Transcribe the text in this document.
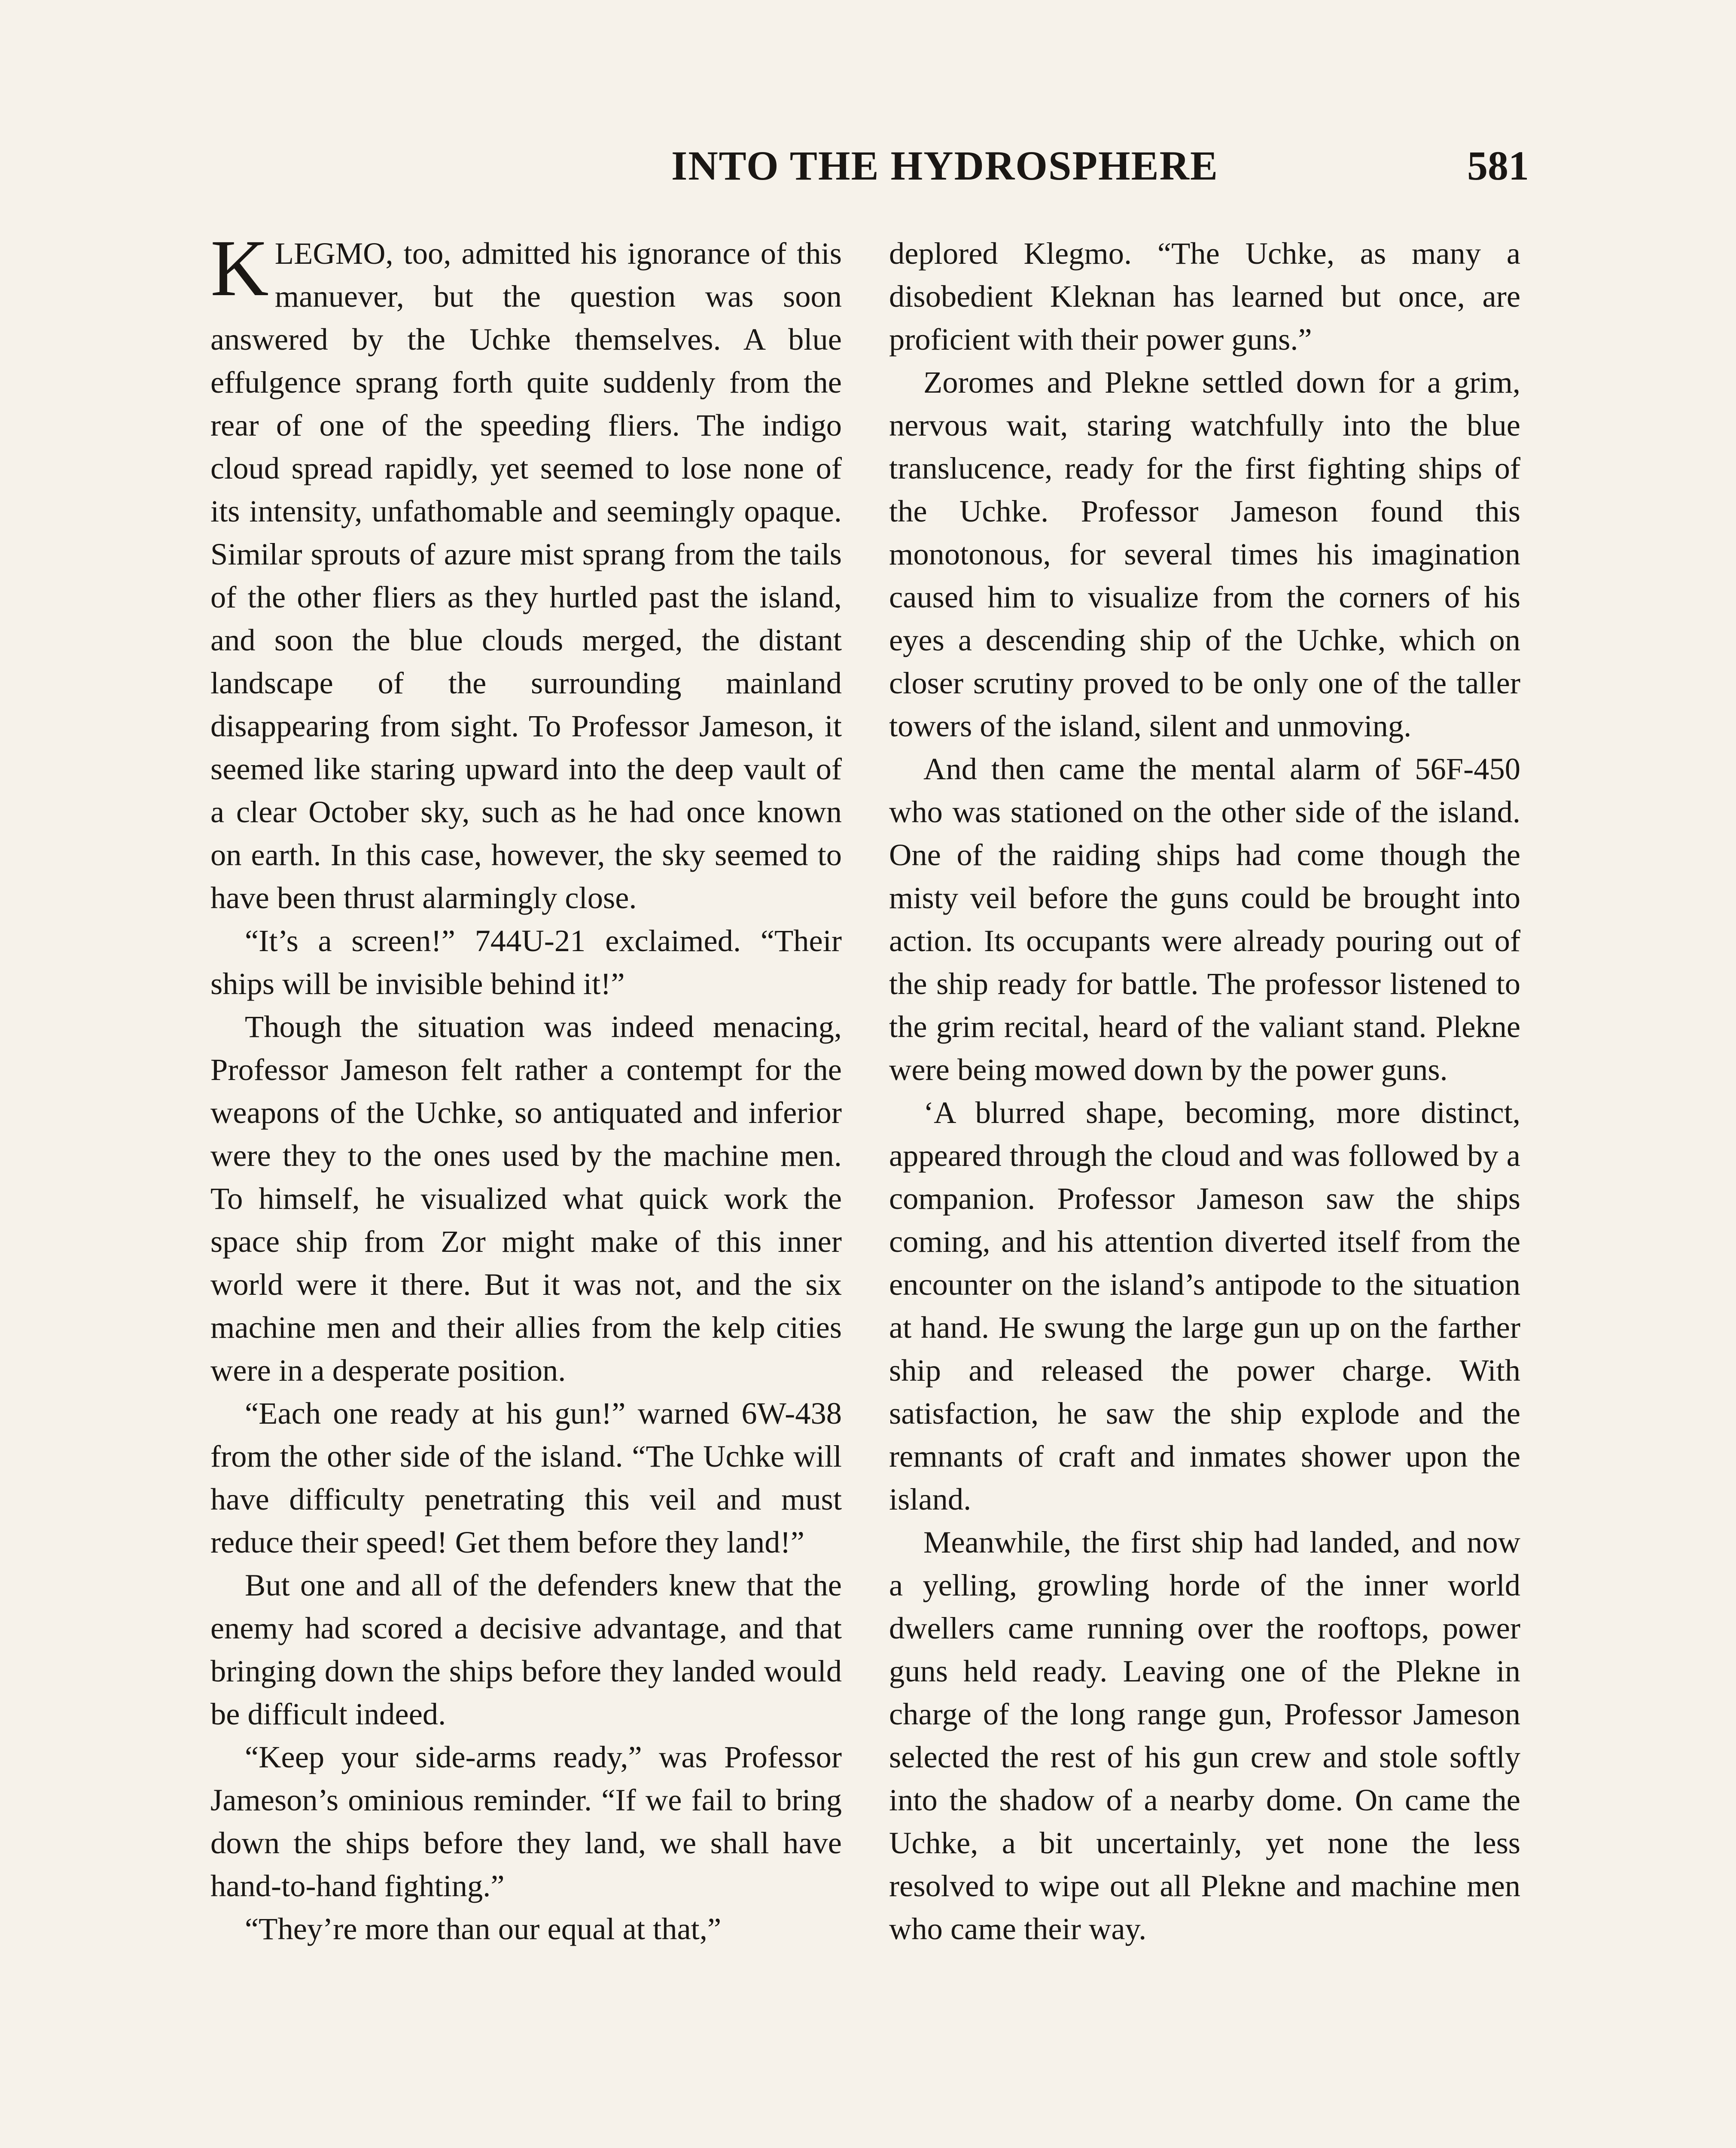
INTO THE HYDROSPHERE	581

KLEGMO, too, admitted his ignorance of this manuever, but the question was soon answered by the Uchke themselves. A blue effulgence sprang forth quite suddenly from the rear of one of the speeding fliers. The indigo cloud spread rapidly, yet seemed to lose none of its intensity, unfathomable and seemingly opaque. Similar sprouts of azure mist sprang from the tails of the other fliers as they hurtled past the island, and soon the blue clouds merged, the distant landscape of the surrounding mainland disappearing from sight. To Professor Jameson, it seemed like staring upward into the deep vault of a clear October sky, such as he had once known on earth. In this case, however, the sky seemed to have been thrust alarmingly close.

“It’s a screen!” 744U-21 exclaimed. “Their ships will be invisible behind it!”

Though the situation was indeed menacing, Professor Jameson felt rather a contempt for the weapons of the Uchke, so antiquated and inferior were they to the ones used by the machine men. To himself, he visualized what quick work the space ship from Zor might make of this inner world were it there. But it was not, and the six machine men and their allies from the kelp cities were in a desperate position.

“Each one ready at his gun!” warned 6W-438 from the other side of the island. “The Uchke will have difficulty penetrating this veil and must reduce their speed! Get them before they land!”

But one and all of the defenders knew that the enemy had scored a decisive advantage, and that bringing down the ships before they landed would be difficult indeed.

“Keep your side-arms ready,” was Professor Jameson’s ominious reminder. “If we fail to bring down the ships before they land, we shall have hand-to-hand fighting.”

“They’re more than our equal at that,”

deplored Klegmo. “The Uchke, as many a disobedient Kleknan has learned but once, are proficient with their power guns.”

Zoromes and Plekne settled down for a grim, nervous wait, staring watchfully into the blue translucence, ready for the first fighting ships of the Uchke. Professor Jameson found this monotonous, for several times his imagination caused him to visualize from the corners of his eyes a descending ship of the Uchke, which on closer scrutiny proved to be only one of the taller towers of the island, silent and unmoving.

And then came the mental alarm of 56F-450 who was stationed on the other side of the island. One of the raiding ships had come though the misty veil before the guns could be brought into action. Its occupants were already pouring out of the ship ready for battle. The professor listened to the grim recital, heard of the valiant stand. Plekne were being mowed down by the power guns.

ʻA blurred shape, becoming, more distinct, appeared through the cloud and was followed by a companion. Professor Jameson saw the ships coming, and his attention diverted itself from the encounter on the island’s antipode to the situation at hand. He swung the large gun up on the farther ship and released the power charge. With satisfaction, he saw the ship explode and the remnants of craft and inmates shower upon the island.

Meanwhile, the first ship had landed, and now a yelling, growling horde of the inner world dwellers came running over the rooftops, power guns held ready. Leaving one of the Plekne in charge of the long range gun, Professor Jameson selected the rest of his gun crew and stole softly into the shadow of a nearby dome. On came the Uchke, a bit uncertainly, yet none the less resolved to wipe out all Plekne and machine men who came their way.
